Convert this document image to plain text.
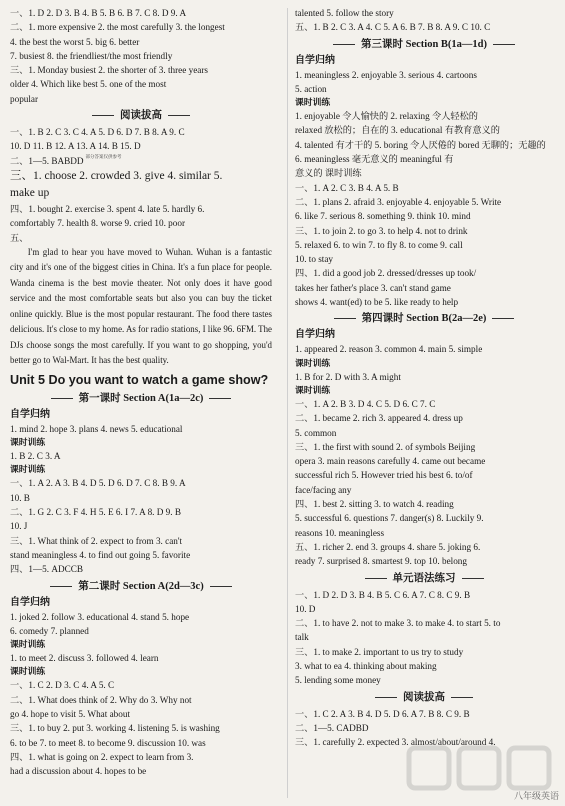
一、1. D 2. D 3. B 4. B 5. B 6. B 7. C 8. D 9. A
二、1. more expensive 2. the most carefully 3. the longest
4. the best the worst 5. big 6. better
7. busiest 8. the friendliest/the most friendly
三、1. Monday busiest 2. the shorter of 3. three years
older 4. Which like best 5. one of the most
popular
阅读拔高
一、1. B 2. C 3. C 4. A 5. D 6. D 7. B 8. A 9. C
10. D 11. B 12. A 13. A 14. B 15. D
二、1—5. BABDD 部分答案仅供参考
三、1. choose 2. crowded 3. give 4. similar 5.
make up
四、1. bought 2. exercise 3. spent 4. late 5. hardly 6.
comfortably 7. health 8. worse 9. cried 10. poor
五、
I'm glad to hear you have moved to Wuhan. Wuhan is a fantastic city and it's one of the biggest cities in China. It's a fun place for people. Wanda cinema is the best movie theater. Not only does it have good service and the most comfortable seats but also you can buy the ticket online quickly. Blue is the most popular restaurant. The food there tastes delicious. It's close to my home. As for radio stations, I like 96. 6FM. The DJs choose songs the most carefully. If you want to go shopping, you'd better go to Wal-Mart. It has the best quality.
Unit 5 Do you want to watch a game show?
第一课时 Section A(1a—2c)
自学归纳
1. mind 2. hope 3. plans 4. news 5. educational
课时训练
1. B 2. C 3. A
课时训练
一、1. A 2. A 3. B 4. D 5. D 6. D 7. C 8. B 9. A
10. B
二、1. G 2. C 3. F 4. H 5. E 6. I 7. A 8. D 9. B
10. J
三、1. What think of 2. expect to from 3. can't
stand meaningless 4. to find out going 5. favorite
四、1—5. ADCCB
第二课时 Section A(2d—3c)
自学归纳
1. joked 2. follow 3. educational 4. stand 5. hope
6. comedy 7. planned
课时训练
1. to meet 2. discuss 3. followed 4. learn
课时训练
一、1. C 2. D 3. C 4. A 5. C
二、1. What does think of 2. Why do 3. Why not
go 4. hope to visit 5. What about
三、1. to buy 2. put 3. working 4. listening 5. is washing
6. to be 7. to meet 8. to become 9. discussion 10. was
四、1. what is going on 2. expect to learn from 3.
had a discussion about 4. hopes to be
talented 5. follow the story
五、1. B 2. C 3. A 4. C 5. A 6. B 7. B 8. A 9. C 10. C
第三课时 Section B(1a—1d)
自学归纳
1. meaningless 2. enjoyable 3. serious 4. cartoons
5. action
课时训练
1. enjoyable 令人愉快的 2. relaxing 令人轻松的
relaxed 放松的；自在的 3. educational 有教育意义的
4. talented 有才干的 5. boring 令人厌倦的 bored 无聊的；无趣的 6. meaningless 毫无意义的 meaningful 有
意义的 课时训练
一、1. A 2. C 3. B 4. A 5. B
二、1. plans 2. afraid 3. enjoyable 4. enjoyable 5. Write
6. like 7. serious 8. something 9. think 10. mind
三、1. to join 2. to go 3. to help 4. not to drink
5. relaxed 6. to win 7. to fly 8. to come 9. call
10. to stay
四、1. did a good job 2. dressed/dresses up took/
takes her father's place 3. can't stand game
shows 4. want(ed) to be 5. like ready to help
第四课时 Section B(2a—2e)
自学归纳
1. appeared 2. reason 3. common 4. main 5. simple
课时训练
1. B for 2. D with 3. A might
课时训练
一、1. A 2. B 3. D 4. C 5. D 6. C 7. C
二、1. became 2. rich 3. appeared 4. dress up
5. common
三、1. the first with sound 2. of symbols Beijing
opera 3. main reasons carefully 4. came out became
successful rich 5. However tried his best 6. to/of
face/facing any
四、1. best 2. sitting 3. to watch 4. reading
5. successful 6. questions 7. danger(s) 8. Luckily 9.
reasons 10. meaningless
五、1. richer 2. end 3. groups 4. share 5. joking 6.
ready 7. surprised 8. smartest 9. top 10. belong
单元语法练习
一、1. D 2. D 3. B 4. B 5. C 6. A 7. C 8. C 9. B
10. D
二、1. to have 2. not to make 3. to make 4. to start 5. to
talk
三、1. to make 2. important to us try to study
3. what to ea 4. thinking about making
5. lending some money
阅读拔高
一、1. C 2. A 3. B 4. D 5. D 6. A 7. B 8. C 9. B
二、1—5. CADBD
三、1. carefully 2. expected 3. almost/about/around 4.
八年级英语
